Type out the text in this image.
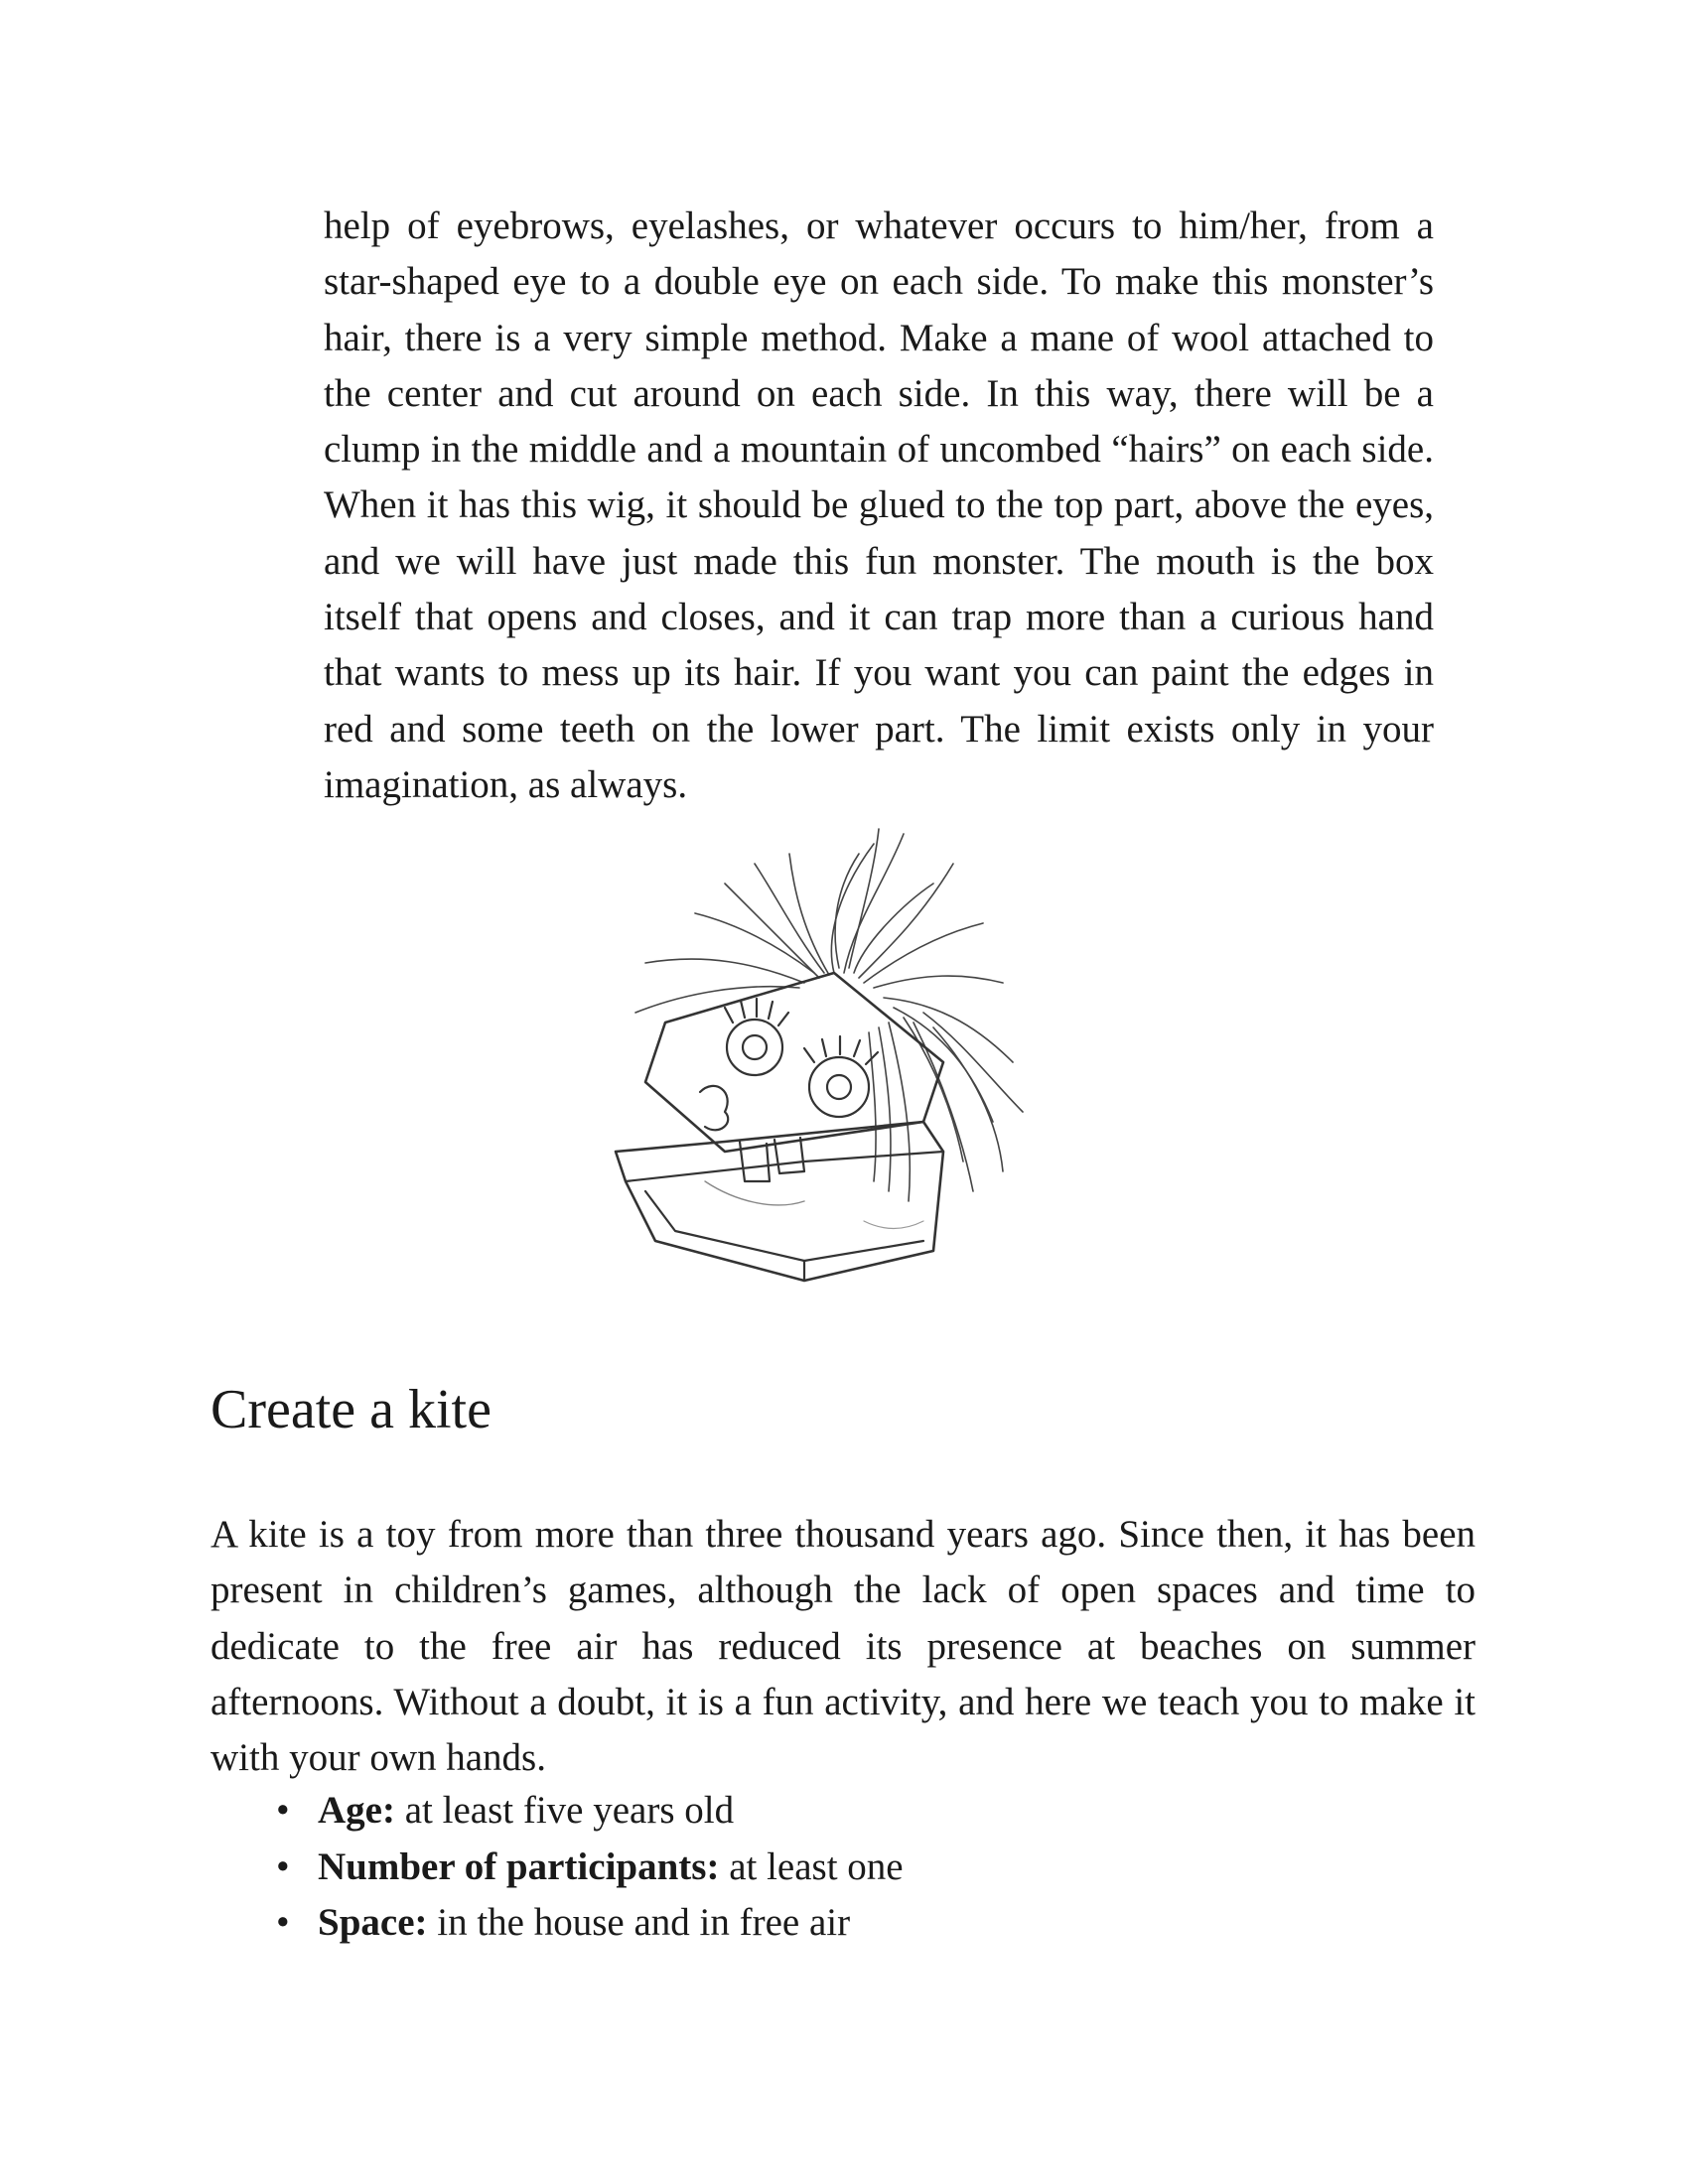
help of eyebrows, eyelashes, or whatever occurs to him/her, from a star-shaped eye to a double eye on each side. To make this monster’s hair, there is a very simple method. Make a mane of wool attached to the center and cut around on each side. In this way, there will be a clump in the middle and a mountain of uncombed “hairs” on each side. When it has this wig, it should be glued to the top part, above the eyes, and we will have just made this fun monster. The mouth is the box itself that opens and closes, and it can trap more than a curious hand that wants to mess up its hair. If you want you can paint the edges in red and some teeth on the lower part. The limit exists only in your imagination, as always.

Create a kite

A kite is a toy from more than three thousand years ago. Since then, it has been present in children’s games, although the lack of open spaces and time to dedicate to the free air has reduced its presence at beaches on summer afternoons. Without a doubt, it is a fun activity, and here we teach you to make it with your own hands.

• Age: at least five years old
• Number of participants: at least one
• Space: in the house and in free air
